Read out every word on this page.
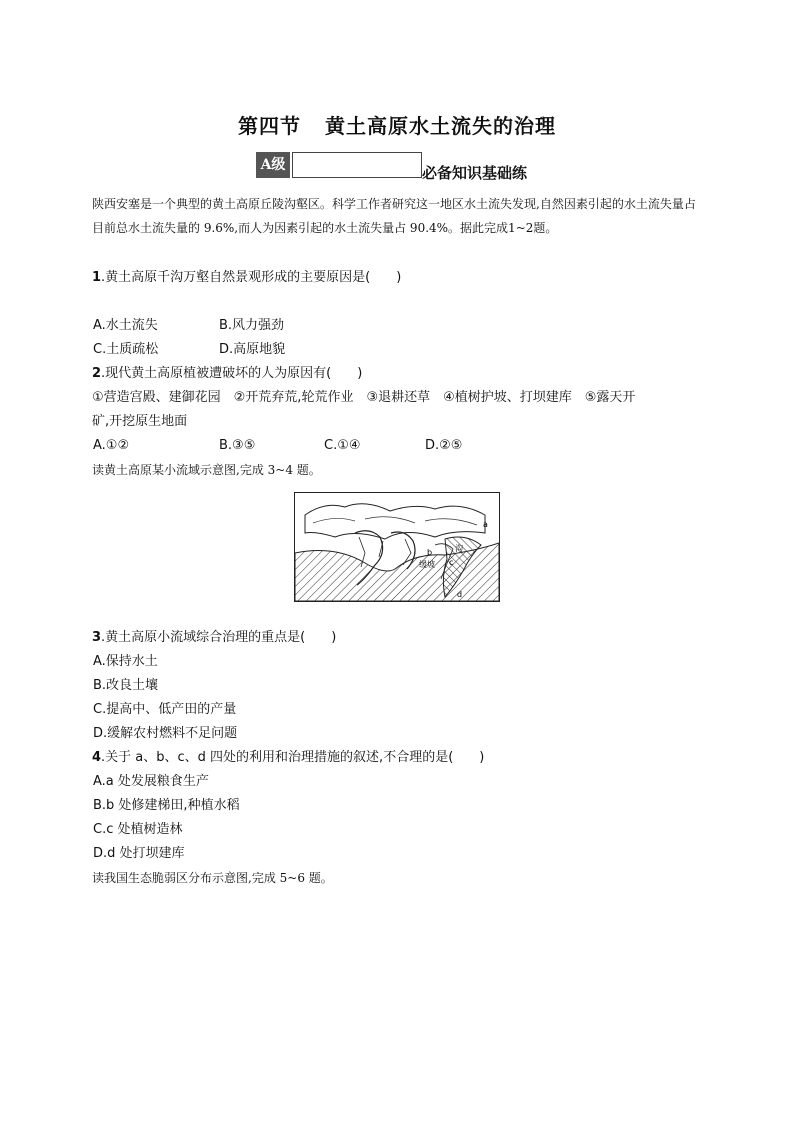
第四节 黄土高原水土流失的治理
A级	必备知识基础练
陕西安塞是一个典型的黄土高原丘陵沟壑区。科学工作者研究这一地区水土流失发现,自然因素引起的水土流失量占目前总水土流失量的 9.6%,而人为因素引起的水土流失量占 90.4%。据此完成1~2题。
1.黄土高原千沟万壑自然景观形成的主要原因是(　　)
A.水土流失	B.风力强劲
C.土质疏松	D.高原地貌
2.现代黄土高原植被遭破坏的人为原因有(　　)
①营造宫殿、建御花园　②开荒弃荒,轮荒作业　③退耕还草　④植树护坡、打坝建库　⑤露天开
矿,开挖原生地面
A.①②	B.③⑤	C.①④	D.②⑤
读黄土高原某小流域示意图,完成 3~4 题。
a
b
c
d
缓坡
沟
3.黄土高原小流域综合治理的重点是(　　)
A.保持水土
B.改良土壤
C.提高中、低产田的产量
D.缓解农村燃料不足问题
4.关于 a、b、c、d 四处的利用和治理措施的叙述,不合理的是(　　)
A.a 处发展粮食生产
B.b 处修建梯田,种植水稻
C.c 处植树造林
D.d 处打坝建库
读我国生态脆弱区分布示意图,完成 5~6 题。
